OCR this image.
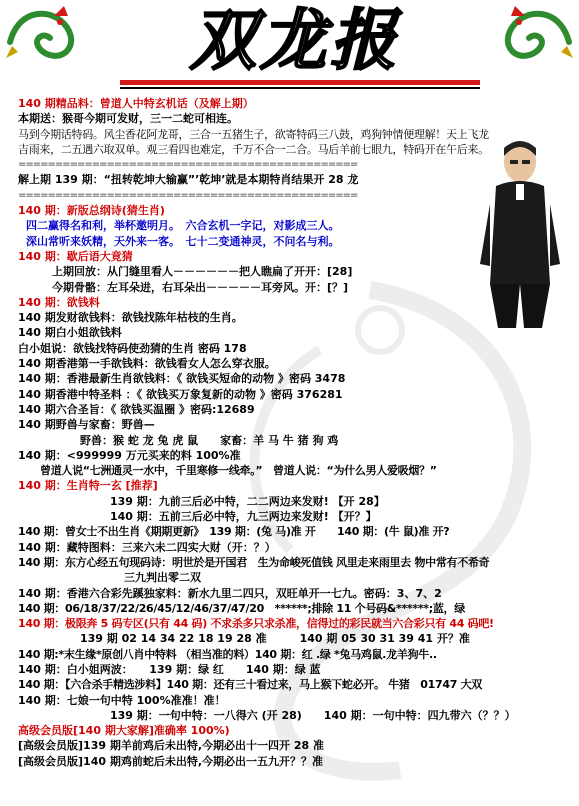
双龙报
140 期精品料：曾道人中特玄机话（及解上期）
本期送：猴哥今期可发财，三一二蛇可相连。
马到今期话特码。风尘香花阿龙哥，三合一五猪生子，欲寄特码三八鼓，鸡狗钟情便理解！天上飞龙
吉雨来，二五遇六取双单。观三看四也难定，千万不合一二合。马后羊前七眼九，特码开在午后来。
==============================================
解上期 139 期：“扭转乾坤大输赢”’乾坤’就是本期特肖结果开 28 龙
==============================================
140 期：新版总纲诗(猜生肖)
四二赢得名和利，举杯邀明月。　六合玄机一字记，对影成三人。
深山常听来妖精，天外来一客。　七十二变通神灵，不问名与利。
140 期：歇后语大竟猜
上期回放：从门缝里看人－－－－－－把人瞧扁了开开：[28]
今期骨骼：左耳朵进，右耳朵出－－－－－耳旁风。开：[？]
140 期：欲钱料
140 期发财欲钱料：欲钱找陈年枯枝的生肖。
140 期白小姐欲钱料
白小姐说：欲钱找特码使劲猜的生肖 密码 178
140 期香港第一手欲钱料：欲钱看女人怎么穿衣服。
140 期：香港最新生肖欲钱料：《 欲钱买短命的动物 》密码 3478
140 期香港中特圣料 ：《 欲钱买万象复新的动物 》密码 376281
140 期六合圣旨：《 欲钱买温圈 》密码:12689
140 期野兽与家畜：野兽—
野兽：猴 蛇 龙 兔 虎 鼠　　家畜：羊 马 牛 猪 狗 鸡
140 期：<999999 万元买来的料 100%准
曾道人说“七洲通灵一水中，千里寒修一线牵。”　曾道人说：“为什么男人爱吸烟？”
140 期：生肖特一玄 [推荐]
139 期：九前三后必中特，二二两边来发财! 【开 28】
140 期：五前三后必中特，九三两边来发财! 【开？】
140 期：曾女士不出生肖《期期更新》　139 期：(兔 马)准 开　　140 期：(牛 鼠)准 开?
140 期：藏特图料：三来六未二四实大财（开：？）
140 期：东方心经五句现码诗：明世於是开国君　生为命峻死值钱 风里走来雨里去 物中常有不希奇
三九判出零二双
140 期：香港六合彩先蹊独家料：新水九里二四只，双旺单开一七九。密码：3、7、2
140 期：06/18/37/22/26/45/12/46/37/47/20　******;排除 11 个号码&******;蓝，绿
140 期：极限奔 5 码专区(只有 44 码) 不求杀多只求杀准，信得过的彩民就当六合彩只有 44 码吧!
139 期 02 14 34 22 18 19 28 准　　　140 期 05 30 31 39 41 开？准
140 期:*末生缘*原创八肖中特料 （相当准的料）140 期：红 .绿 *兔马鸡鼠.龙羊狗牛..
140 期：白小姐两波：　　139 期：绿 红　　140 期：绿 蓝
140 期：【六合杀手精选涉料】140 期：还有三十看过来，马上猴下蛇必开。 牛猪　01747 大双
140 期：七娘一句中特 100%准准！准！
139 期：一句中特：一八得六 (开 28)　　140 期：一句中特：四九带六（？？）
高级会员版[140 期大家解]准确率 100%)
[高级会员版]139 期羊前鸡后未出特,今期必出十一四开 28 准
[高级会员版]140 期鸡前蛇后未出特,今期必出一五九开？？准
